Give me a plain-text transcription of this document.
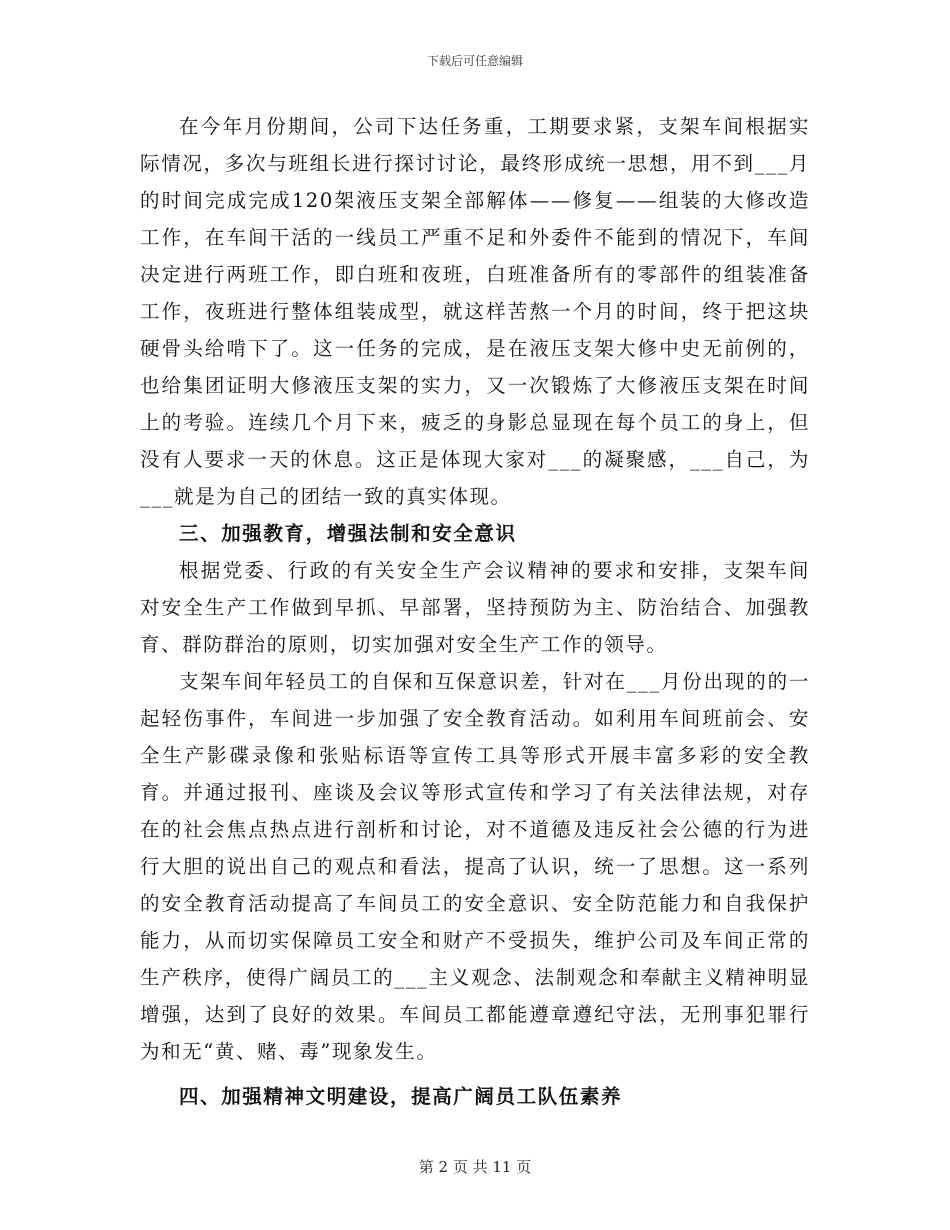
下载后可任意编辑

在今年月份期间，公司下达任务重，工期要求紧，支架车间根据实际情况，多次与班组长进行探讨讨论，最终形成统一思想，用不到___月的时间完成完成120架液压支架全部解体——修复——组装的大修改造工作，在车间干活的一线员工严重不足和外委件不能到的情况下，车间决定进行两班工作，即白班和夜班，白班准备所有的零部件的组装准备工作，夜班进行整体组装成型，就这样苦熬一个月的时间，终于把这块硬骨头给啃下了。这一任务的完成，是在液压支架大修中史无前例的，也给集团证明大修液压支架的实力，又一次锻炼了大修液压支架在时间上的考验。连续几个月下来，疲乏的身影总显现在每个员工的身上，但没有人要求一天的休息。这正是体现大家对___的凝聚感，___自己，为___就是为自己的团结一致的真实体现。

三、加强教育，增强法制和安全意识

根据党委、行政的有关安全生产会议精神的要求和安排，支架车间对安全生产工作做到早抓、早部署，坚持预防为主、防治结合、加强教育、群防群治的原则，切实加强对安全生产工作的领导。

支架车间年轻员工的自保和互保意识差，针对在___月份出现的的一起轻伤事件，车间进一步加强了安全教育活动。如利用车间班前会、安全生产影碟录像和张贴标语等宣传工具等形式开展丰富多彩的安全教育。并通过报刊、座谈及会议等形式宣传和学习了有关法律法规，对存在的社会焦点热点进行剖析和讨论，对不道德及违反社会公德的行为进行大胆的说出自己的观点和看法，提高了认识，统一了思想。这一系列的安全教育活动提高了车间员工的安全意识、安全防范能力和自我保护能力，从而切实保障员工安全和财产不受损失，维护公司及车间正常的生产秩序，使得广阔员工的___主义观念、法制观念和奉献主义精神明显增强，达到了良好的效果。车间员工都能遵章遵纪守法，无刑事犯罪行为和无“黄、赌、毒”现象发生。

四、加强精神文明建设，提高广阔员工队伍素养

第 2 页 共 11 页
